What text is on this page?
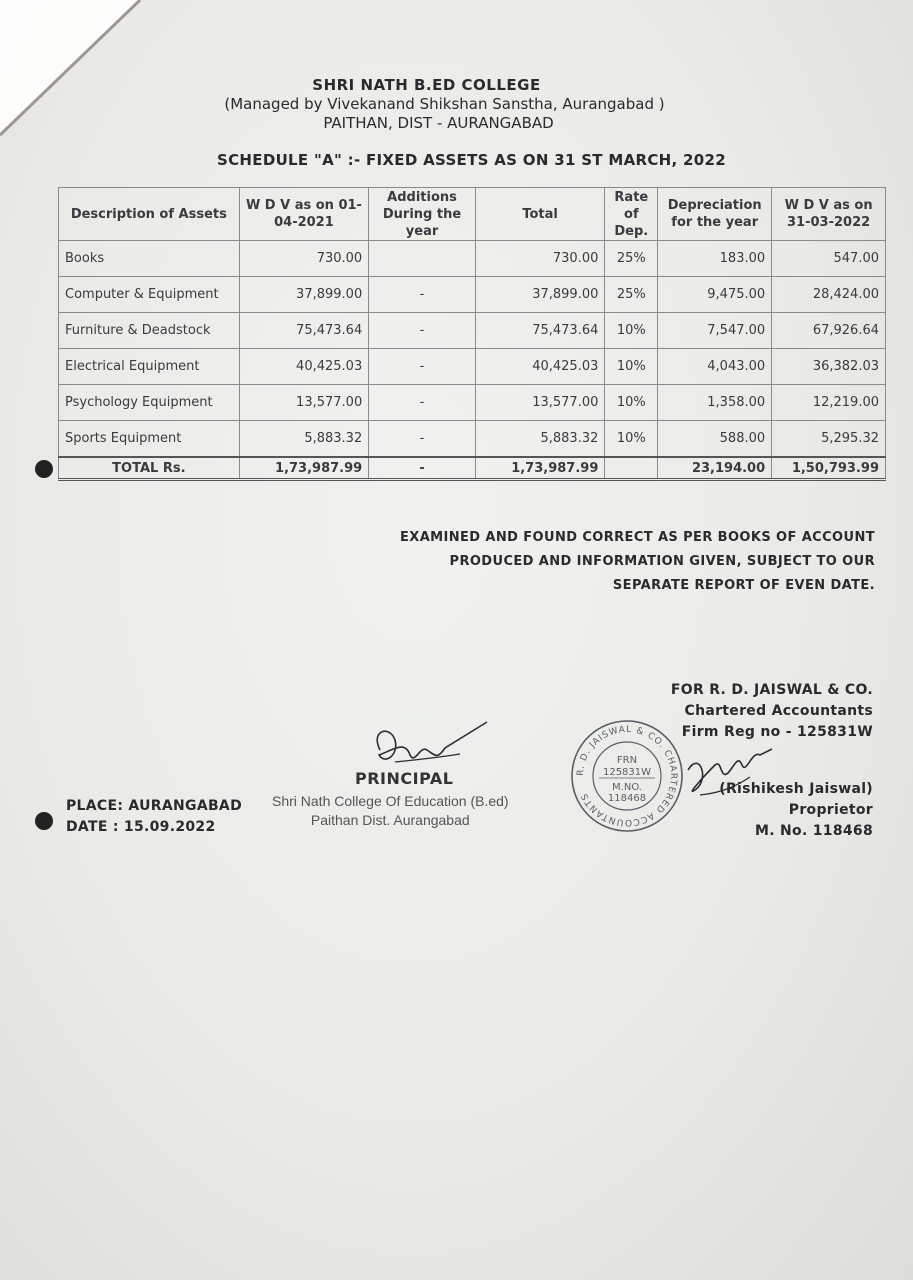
SHRI NATH B.ED COLLEGE
(Managed by Vivekanand Shikshan Sanstha, Aurangabad )
PAITHAN, DIST - AURANGABAD
SCHEDULE "A" :- FIXED ASSETS AS ON 31 ST MARCH, 2022
Description of Assets	W D V as on 01-04-2021	Additions During the year	Total	Rate of Dep.	Depreciation for the year	W D V as on 31-03-2022
Books	730.00		730.00	25%	183.00	547.00
Computer & Equipment	37,899.00	-	37,899.00	25%	9,475.00	28,424.00
Furniture & Deadstock	75,473.64	-	75,473.64	10%	7,547.00	67,926.64
Electrical Equipment	40,425.03	-	40,425.03	10%	4,043.00	36,382.03
Psychology Equipment	13,577.00	-	13,577.00	10%	1,358.00	12,219.00
Sports Equipment	5,883.32	-	5,883.32	10%	588.00	5,295.32
TOTAL Rs.	1,73,987.99	-	1,73,987.99		23,194.00	1,50,793.99
EXAMINED AND FOUND CORRECT AS PER BOOKS OF ACCOUNT
PRODUCED AND INFORMATION GIVEN, SUBJECT TO OUR
SEPARATE REPORT OF EVEN DATE.
FOR R. D. JAISWAL & CO.
Chartered Accountants
Firm Reg no - 125831W
(Rishikesh Jaiswal)
Proprietor
M. No. 118468
PLACE: AURANGABAD
DATE : 15.09.2022
PRINCIPAL
Shri Nath College Of Education (B.ed)
Paithan Dist. Aurangabad
R. D. JAISWAL & CO. CHARTERED ACCOUNTANTS
FRN
125831W
M.NO.
118468
